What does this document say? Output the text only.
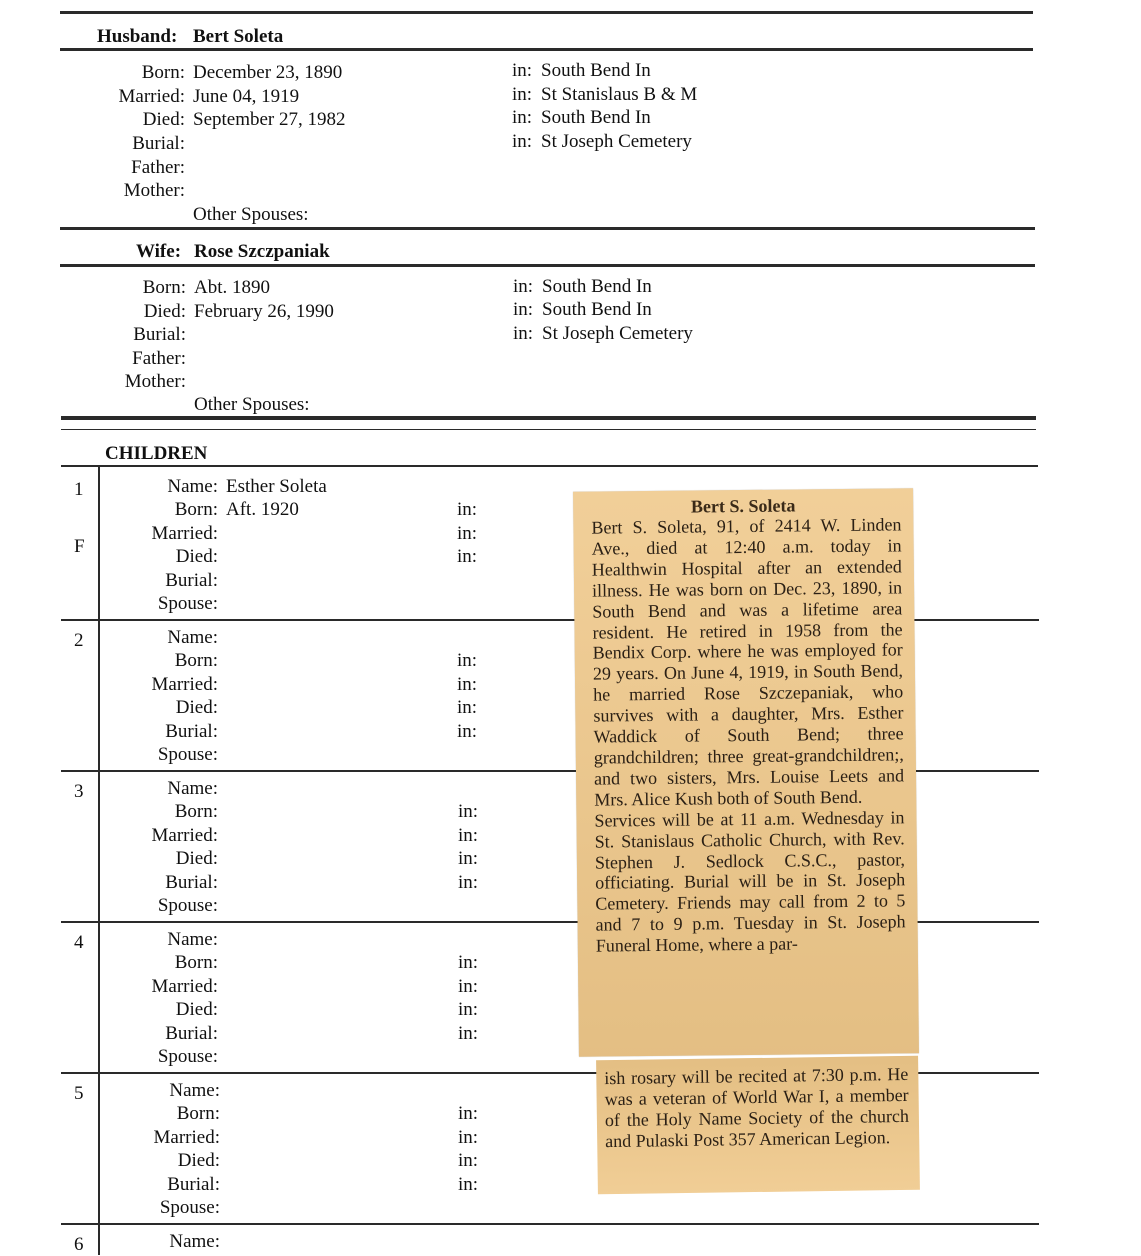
Husband: Bert Soleta
Born: December 23, 1890	in: South Bend In
Married: June 04, 1919	in: St Stanislaus B & M
Died: September 27, 1982	in: South Bend In
Burial:	in: St Joseph Cemetery
Father:
Mother:
Other Spouses:
Wife: Rose Szczpaniak
Born: Abt. 1890	in: South Bend In
Died: February 26, 1990	in: South Bend In
Burial:	in: St Joseph Cemetery
Father:
Mother:
Other Spouses:
CHILDREN
1
F
Name: Esther Soleta
Born: Aft. 1920	in:
Married:	in:
Died:	in:
Burial:
Spouse:
2	Name:
Born:	in:
Married:	in:
Died:	in:
Burial:	in:
Spouse:
3	Name:
Born:	in:
Married:	in:
Died:	in:
Burial:	in:
Spouse:
4	Name:
Born:	in:
Married:	in:
Died:	in:
Burial:	in:
Spouse:
5	Name:
Born:	in:
Married:	in:
Died:	in:
Burial:	in:
Spouse:
6	Name:
Bert S. Soleta
Bert S. Soleta, 91, of 2414 W. Linden Ave., died at 12:40 a.m. today in Healthwin Hospital after an extended illness. He was born on Dec. 23, 1890, in South Bend and was a lifetime area resident. He retired in 1958 from the Bendix Corp. where he was employed for 29 years. On June 4, 1919, in South Bend, he married Rose Szczepaniak, who survives with a daughter, Mrs. Esther Waddick of South Bend; three grandchildren; three great-grandchildren;, and two sisters, Mrs. Louise Leets and Mrs. Alice Kush both of South Bend.
Services will be at 11 a.m. Wednesday in St. Stanislaus Catholic Church, with Rev. Stephen J. Sedlock C.S.C., pastor, officiating. Burial will be in St. Joseph Cemetery. Friends may call from 2 to 5 and 7 to 9 p.m. Tuesday in St. Joseph Funeral Home, where a par-
ish rosary will be recited at 7:30 p.m. He was a veteran of World War I, a member of the Holy Name Society of the church and Pulaski Post 357 American Legion.
